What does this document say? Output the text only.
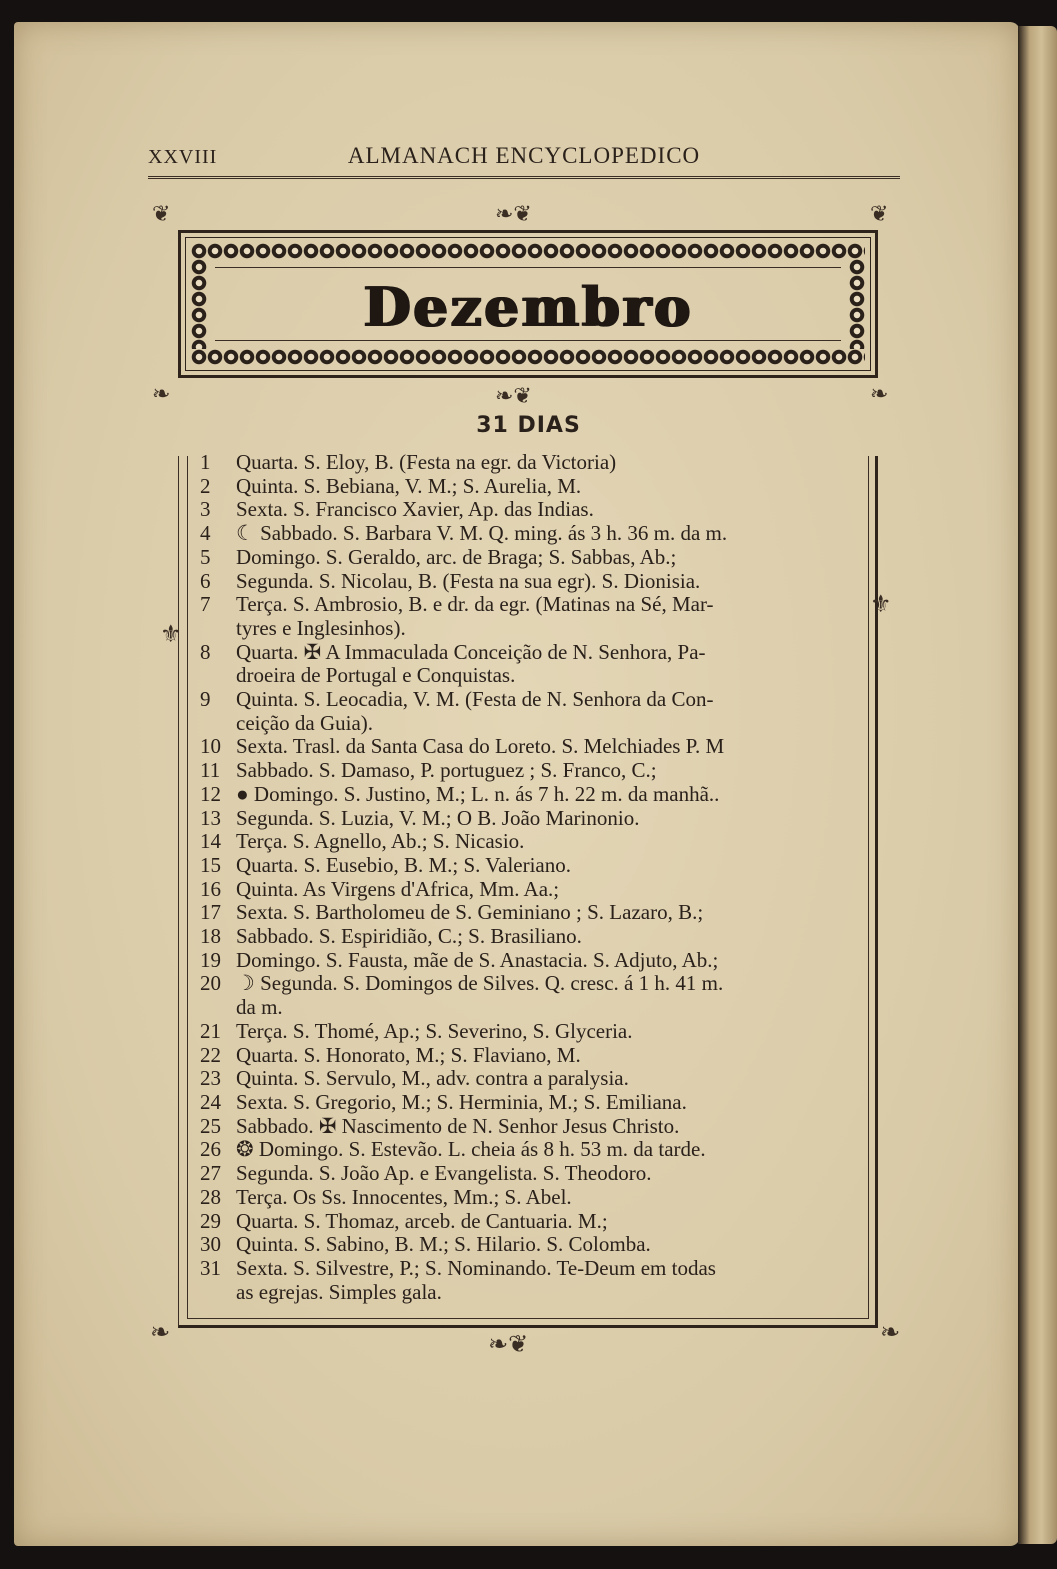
XXVIII	ALMANACH ENCYCLOPEDICO
❦	❧❦	❦
❧	❧❦	❧
Dezembro
31 DIAS
❧	❧❦	❧
⚜
⚜
1	Quarta. S. Eloy, B. (Festa na egr. da Victoria)
2	Quinta. S. Bebiana, V. M.; S. Aurelia, M.
3	Sexta. S. Francisco Xavier, Ap. das Indias.
4	☾ Sabbado. S. Barbara V. M. Q. ming. ás 3 h. 36 m. da m.
5	Domingo. S. Geraldo, arc. de Braga; S. Sabbas, Ab.;
6	Segunda. S. Nicolau, B. (Festa na sua egr). S. Dionisia.
7	Terça. S. Ambrosio, B. e dr. da egr. (Matinas na Sé, Mar-
tyres e Inglesinhos).
8	Quarta. ✠ A Immaculada Conceição de N. Senhora, Pa-
droeira de Portugal e Conquistas.
9	Quinta. S. Leocadia, V. M. (Festa de N. Senhora da Con-
ceição da Guia).
10 Sexta. Trasl. da Santa Casa do Loreto. S. Melchiades P. M
11 Sabbado. S. Damaso, P. portuguez ; S. Franco, C.;
12 ● Domingo. S. Justino, M.; L. n. ás 7 h. 22 m. da manhã..
13 Segunda. S. Luzia, V. M.; O B. João Marinonio.
14 Terça. S. Agnello, Ab.; S. Nicasio.
15 Quarta. S. Eusebio, B. M.; S. Valeriano.
16 Quinta. As Virgens d'Africa, Mm. Aa.;
17 Sexta. S. Bartholomeu de S. Geminiano ; S. Lazaro, B.;
18 Sabbado. S. Espiridião, C.; S. Brasiliano.
19 Domingo. S. Fausta, mãe de S. Anastacia. S. Adjuto, Ab.;
20 ☽ Segunda. S. Domingos de Silves. Q. cresc. á 1 h. 41 m.
da m.
21 Terça. S. Thomé, Ap.; S. Severino, S. Glyceria.
22 Quarta. S. Honorato, M.; S. Flaviano, M.
23 Quinta. S. Servulo, M., adv. contra a paralysia.
24 Sexta. S. Gregorio, M.; S. Herminia, M.; S. Emiliana.
25 Sabbado. ✠ Nascimento de N. Senhor Jesus Christo.
26 ❂ Domingo. S. Estevão. L. cheia ás 8 h. 53 m. da tarde.
27 Segunda. S. João Ap. e Evangelista. S. Theodoro.
28 Terça. Os Ss. Innocentes, Mm.; S. Abel.
29 Quarta. S. Thomaz, arceb. de Cantuaria. M.;
30 Quinta. S. Sabino, B. M.; S. Hilario. S. Colomba.
31 Sexta. S. Silvestre, P.; S. Nominando. Te-Deum em todas
as egrejas. Simples gala.
